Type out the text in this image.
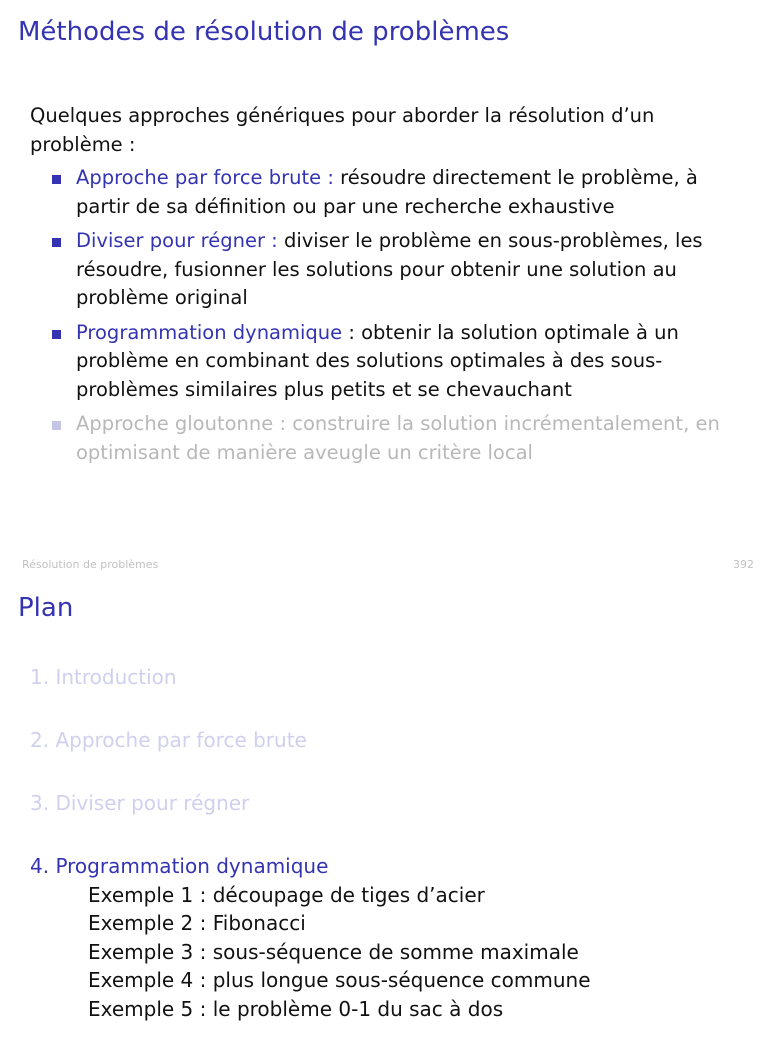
Méthodes de résolution de problèmes
Quelques approches génériques pour aborder la résolution d’un problème :
Approche par force brute : résoudre directement le problème, à partir de sa définition ou par une recherche exhaustive
Diviser pour régner : diviser le problème en sous-problèmes, les résoudre, fusionner les solutions pour obtenir une solution au problème original
Programmation dynamique : obtenir la solution optimale à un problème en combinant des solutions optimales à des sous-problèmes similaires plus petits et se chevauchant
Approche gloutonne : construire la solution incrémentalement, en optimisant de manière aveugle un critère local
Résolution de problèmes	392
Plan
1. Introduction
2. Approche par force brute
3. Diviser pour régner
4. Programmation dynamique
Exemple 1 : découpage de tiges d’acier
Exemple 2 : Fibonacci
Exemple 3 : sous-séquence de somme maximale
Exemple 4 : plus longue sous-séquence commune
Exemple 5 : le problème 0-1 du sac à dos
